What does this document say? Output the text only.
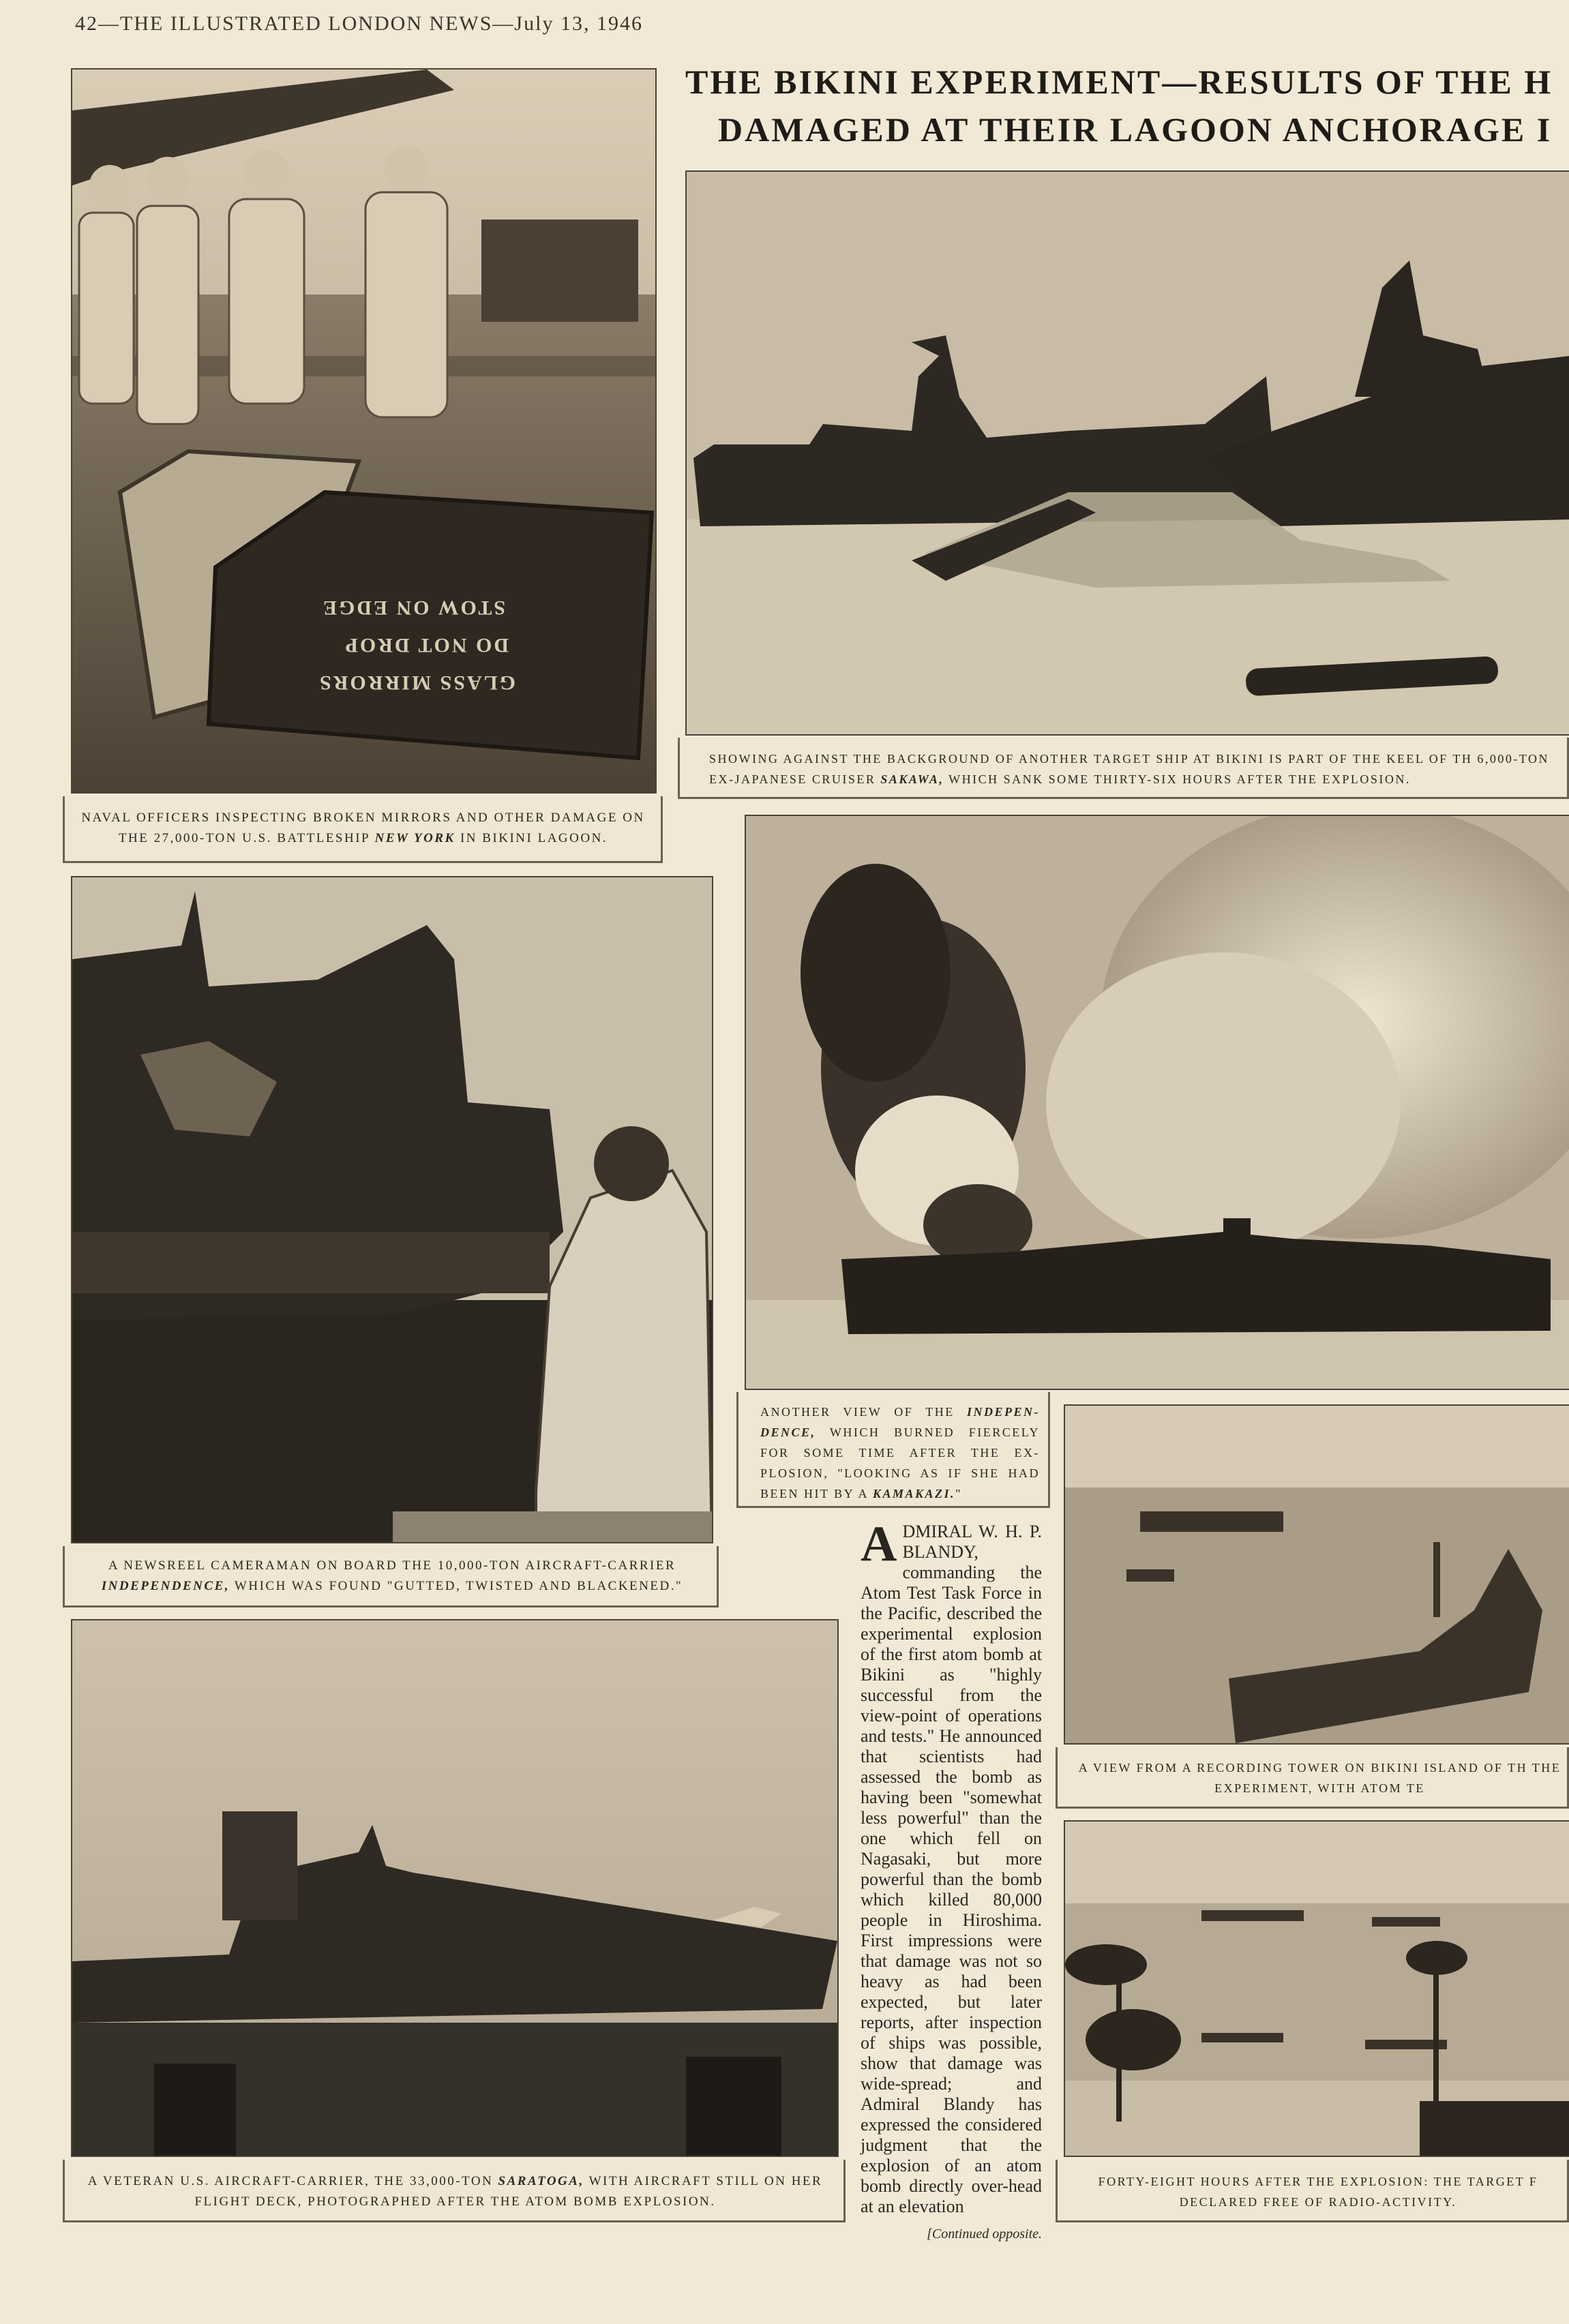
42—THE ILLUSTRATED LONDON NEWS—July 13, 1946
THE BIKINI EXPERIMENT—RESULTS OF THE H
DAMAGED AT THEIR LAGOON ANCHORAGE I
GLASS MIRRORS
DO NOT DROP
STOW ON EDGE
NAVAL OFFICERS INSPECTING BROKEN MIRRORS AND OTHER DAMAGE ON THE 27,000-TON U.S. BATTLESHIP NEW YORK IN BIKINI LAGOON.
SHOWING AGAINST THE BACKGROUND OF ANOTHER TARGET SHIP AT BIKINI IS PART OF THE KEEL OF TH 6,000-TON EX-JAPANESE CRUISER SAKAWA, WHICH SANK SOME THIRTY-SIX HOURS AFTER THE EXPLOSION.
A NEWSREEL CAMERAMAN ON BOARD THE 10,000-TON AIRCRAFT-CARRIER INDEPENDENCE, WHICH WAS FOUND "GUTTED, TWISTED AND BLACKENED."
ANOTHER VIEW OF THE INDEPEN-DENCE, WHICH BURNED FIERCELY FOR SOME TIME AFTER THE EX-PLOSION, "LOOKING AS IF SHE HAD BEEN HIT BY A KAMAKAZI."
A VIEW FROM A RECORDING TOWER ON BIKINI ISLAND OF TH THE EXPERIMENT, WITH ATOM TE
A VETERAN U.S. AIRCRAFT-CARRIER, THE 33,000-TON SARATOGA, WITH AIRCRAFT STILL ON HER FLIGHT DECK, PHOTOGRAPHED AFTER THE ATOM BOMB EXPLOSION.
ADMIRAL W. H. P. BLANDY, commanding the Atom Test Task Force in the Pacific, described the experimental explosion of the first atom bomb at Bikini as "highly successful from the view-point of operations and tests." He announced that scientists had assessed the bomb as having been "somewhat less powerful" than the one which fell on Nagasaki, but more powerful than the bomb which killed 80,000 people in Hiroshima. First impressions were that damage was not so heavy as had been expected, but later reports, after inspection of ships was possible, show that damage was wide-spread; and Admiral Blandy has expressed the considered judgment that the explosion of an atom bomb directly over-head at an elevation
[Continued opposite.
FORTY-EIGHT HOURS AFTER THE EXPLOSION: THE TARGET F DECLARED FREE OF RADIO-ACTIVITY.
